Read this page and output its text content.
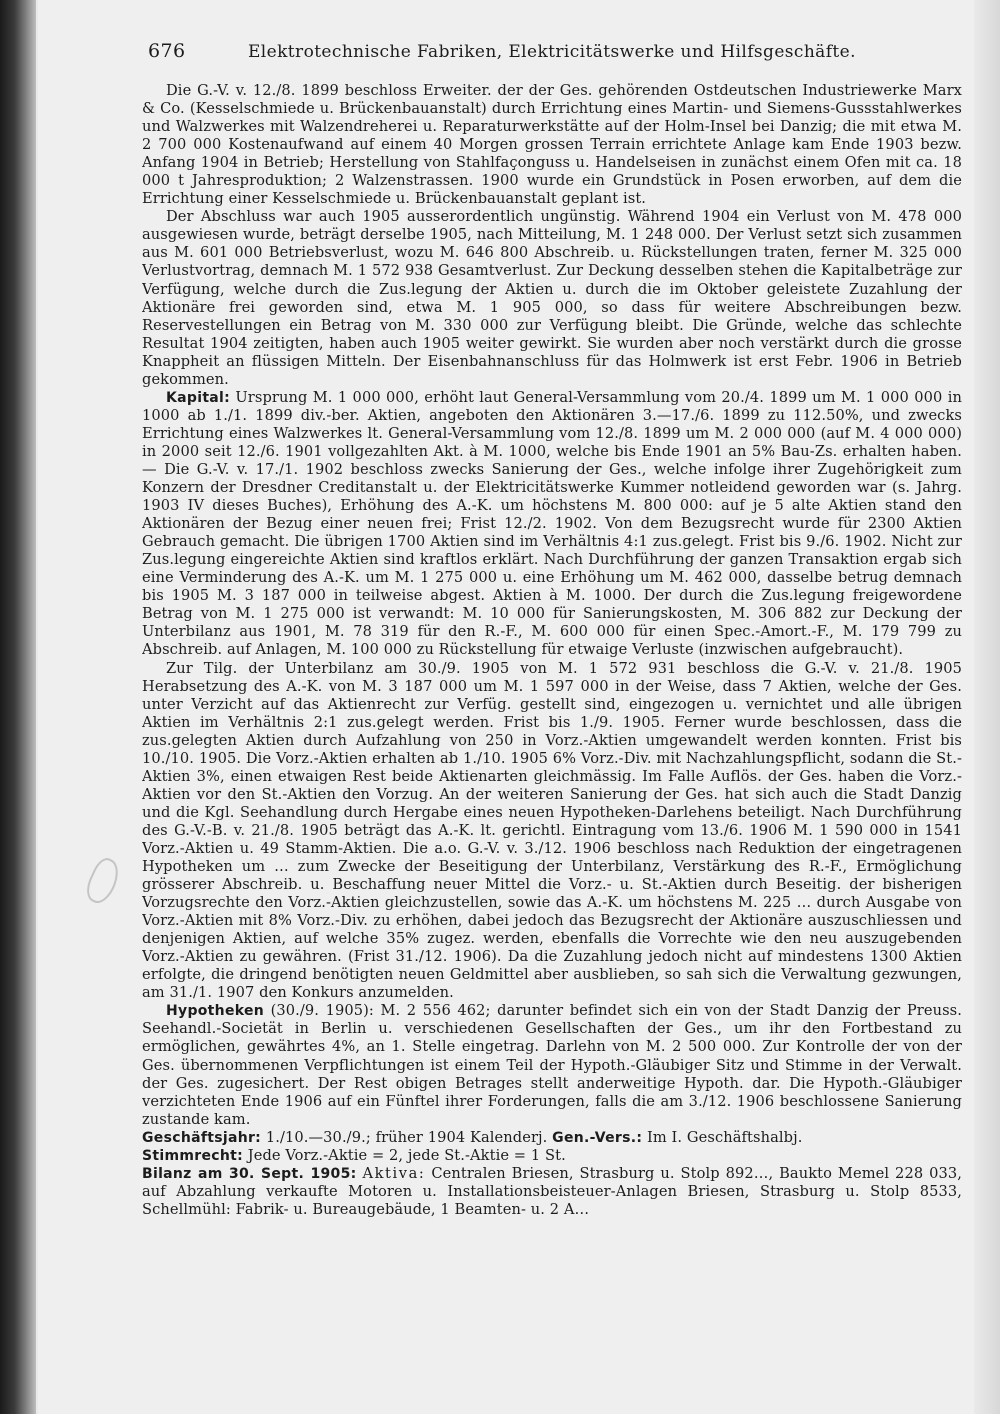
676	Elektrotechnische Fabriken, Elektricitätswerke und Hilfsgeschäfte.

Die G.-V. v. 12./8. 1899 beschloss Erweiter. der der Ges. gehörenden Ostdeutschen Industriewerke Marx & Co. (Kesselschmiede u. Brückenbauanstalt) durch Errichtung eines Martin- und Siemens-Gussstahlwerkes und Walzwerkes mit Walzendreherei u. Reparaturwerkstätte auf der Holm-Insel bei Danzig; die mit etwa M. 2 700 000 Kostenaufwand auf einem 40 Morgen grossen Terrain errichtete Anlage kam Ende 1903 bezw. Anfang 1904 in Betrieb; Herstellung von Stahlfaçonguss u. Handelseisen in zunächst einem Ofen mit ca. 18 000 t Jahresproduktion; 2 Walzenstrassen. 1900 wurde ein Grundstück in Posen erworben, auf dem die Errichtung einer Kesselschmiede u. Brückenbauanstalt geplant ist.

Der Abschluss war auch 1905 ausserordentlich ungünstig. Während 1904 ein Verlust von M. 478 000 ausgewiesen wurde, beträgt derselbe 1905, nach Mitteilung, M. 1 248 000. Der Verlust setzt sich zusammen aus M. 601 000 Betriebsverlust, wozu M. 646 800 Abschreib. u. Rückstellungen traten, ferner M. 325 000 Verlustvortrag, demnach M. 1 572 938 Gesamtverlust. Zur Deckung desselben stehen die Kapitalbeträge zur Verfügung, welche durch die Zus.legung der Aktien u. durch die im Oktober geleistete Zuzahlung der Aktionäre frei geworden sind, etwa M. 1 905 000, so dass für weitere Abschreibungen bezw. Reservestellungen ein Betrag von M. 330 000 zur Verfügung bleibt. Die Gründe, welche das schlechte Resultat 1904 zeitigten, haben auch 1905 weiter gewirkt. Sie wurden aber noch verstärkt durch die grosse Knappheit an flüssigen Mitteln. Der Eisenbahnanschluss für das Holmwerk ist erst Febr. 1906 in Betrieb gekommen.

Kapital: Ursprung M. 1 000 000, erhöht laut General-Versammlung vom 20./4. 1899 um M. 1 000 000 in 1000 ab 1./1. 1899 div.-ber. Aktien, angeboten den Aktionären 3.—17./6. 1899 zu 112.50%, und zwecks Errichtung eines Walzwerkes lt. General-Versammlung vom 12./8. 1899 um M. 2 000 000 (auf M. 4 000 000) in 2000 seit 12./6. 1901 vollgezahlten Akt. à M. 1000, welche bis Ende 1901 an 5% Bau-Zs. erhalten haben. — Die G.-V. v. 17./1. 1902 beschloss zwecks Sanierung der Ges., welche infolge ihrer Zugehörigkeit zum Konzern der Dresdner Creditanstalt u. der Elektricitätswerke Kummer notleidend geworden war (s. Jahrg. 1903 IV dieses Buches), Erhöhung des A.-K. um höchstens M. 800 000: auf je 5 alte Aktien stand den Aktionären der Bezug einer neuen frei; Frist 12./2. 1902. Von dem Bezugsrecht wurde für 2300 Aktien Gebrauch gemacht. Die übrigen 1700 Aktien sind im Verhältnis 4:1 zus.gelegt. Frist bis 9./6. 1902. Nicht zur Zus.legung eingereichte Aktien sind kraftlos erklärt. Nach Durchführung der ganzen Transaktion ergab sich eine Verminderung des A.-K. um M. 1 275 000 u. eine Erhöhung um M. 462 000, dasselbe betrug demnach bis 1905 M. 3 187 000 in teilweise abgest. Aktien à M. 1000. Der durch die Zus.legung freigewordene Betrag von M. 1 275 000 ist verwandt: M. 10 000 für Sanierungskosten, M. 306 882 zur Deckung der Unterbilanz aus 1901, M. 78 319 für den R.-F., M. 600 000 für einen Spec.-Amort.-F., M. 179 799 zu Abschreib. auf Anlagen, M. 100 000 zu Rückstellung für etwaige Verluste (inzwischen aufgebraucht).

Zur Tilg. der Unterbilanz am 30./9. 1905 von M. 1 572 931 beschloss die G.-V. v. 21./8. 1905 Herabsetzung des A.-K. von M. 3 187 000 um M. 1 597 000 in der Weise, dass 7 Aktien, welche der Ges. unter Verzicht auf das Aktienrecht zur Verfüg. gestellt sind, eingezogen u. vernichtet und alle übrigen Aktien im Verhältnis 2:1 zus.gelegt werden. Frist bis 1./9. 1905. Ferner wurde beschlossen, dass die zus.gelegten Aktien durch Aufzahlung von 250 in Vorz.-Aktien umgewandelt werden konnten. Frist bis 10./10. 1905. Die Vorz.-Aktien erhalten ab 1./10. 1905 6% Vorz.-Div. mit Nachzahlungspflicht, sodann die St.-Aktien 3%, einen etwaigen Rest beide Aktienarten gleichmässig. Im Falle Auflös. der Ges. haben die Vorz.-Aktien vor den St.-Aktien den Vorzug. An der weiteren Sanierung der Ges. hat sich auch die Stadt Danzig und die Kgl. Seehandlung durch Hergabe eines neuen Hypotheken-Darlehens beteiligt. Nach Durchführung des G.-V.-B. v. 21./8. 1905 beträgt das A.-K. lt. gerichtl. Eintragung vom 13./6. 1906 M. 1 590 000 in 1541 Vorz.-Aktien u. 49 Stamm-Aktien. Die a.o. G.-V. v. 3./12. 1906 beschloss nach Reduktion der eingetragenen Hypotheken um … zum Zwecke der Beseitigung der Unterbilanz, Verstärkung des R.-F., Ermöglichung grösserer Abschreib. u. Beschaffung neuer Mittel die Vorz.- u. St.-Aktien durch Beseitig. der bisherigen Vorzugsrechte den Vorz.-Aktien gleichzustellen, sowie das A.-K. um höchstens M. 225 … durch Ausgabe von Vorz.-Aktien mit 8% Vorz.-Div. zu erhöhen, dabei jedoch das Bezugsrecht der Aktionäre auszuschliessen und denjenigen Aktien, auf welche 35% zugez. werden, ebenfalls die Vorrechte wie den neu auszugebenden Vorz.-Aktien zu gewähren. (Frist 31./12. 1906). Da die Zuzahlung jedoch nicht auf mindestens 1300 Aktien erfolgte, die dringend benötigten neuen Geldmittel aber ausblieben, so sah sich die Verwaltung gezwungen, am 31./1. 1907 den Konkurs anzumelden.

Hypotheken (30./9. 1905): M. 2 556 462; darunter befindet sich ein von der Stadt Danzig der Preuss. Seehandl.-Societät in Berlin u. verschiedenen Gesellschaften der Ges., um ihr den Fortbestand zu ermöglichen, gewährtes 4%, an 1. Stelle eingetrag. Darlehn von M. 2 500 000. Zur Kontrolle der von der Ges. übernommenen Verpflichtungen ist einem Teil der Hypoth.-Gläubiger Sitz und Stimme in der Verwalt. der Ges. zugesichert. Der Rest obigen Betrages stellt anderweitige Hypoth. dar. Die Hypoth.-Gläubiger verzichteten Ende 1906 auf ein Fünftel ihrer Forderungen, falls die am 3./12. 1906 beschlossene Sanierung zustande kam.

Geschäftsjahr: 1./10.—30./9.; früher 1904 Kalenderj. Gen.-Vers.: Im I. Geschäftshalbj.

Stimmrecht: Jede Vorz.-Aktie = 2, jede St.-Aktie = 1 St.

Bilanz am 30. Sept. 1905: Aktiva: Centralen Briesen, Strasburg u. Stolp 892…, Baukto Memel 228 033, auf Abzahlung verkaufte Motoren u. Installationsbeisteuer-Anlagen Briesen, Strasburg u. Stolp 8533, Schellmühl: Fabrik- u. Bureaugebäude, 1 Beamten- u. 2 A…
